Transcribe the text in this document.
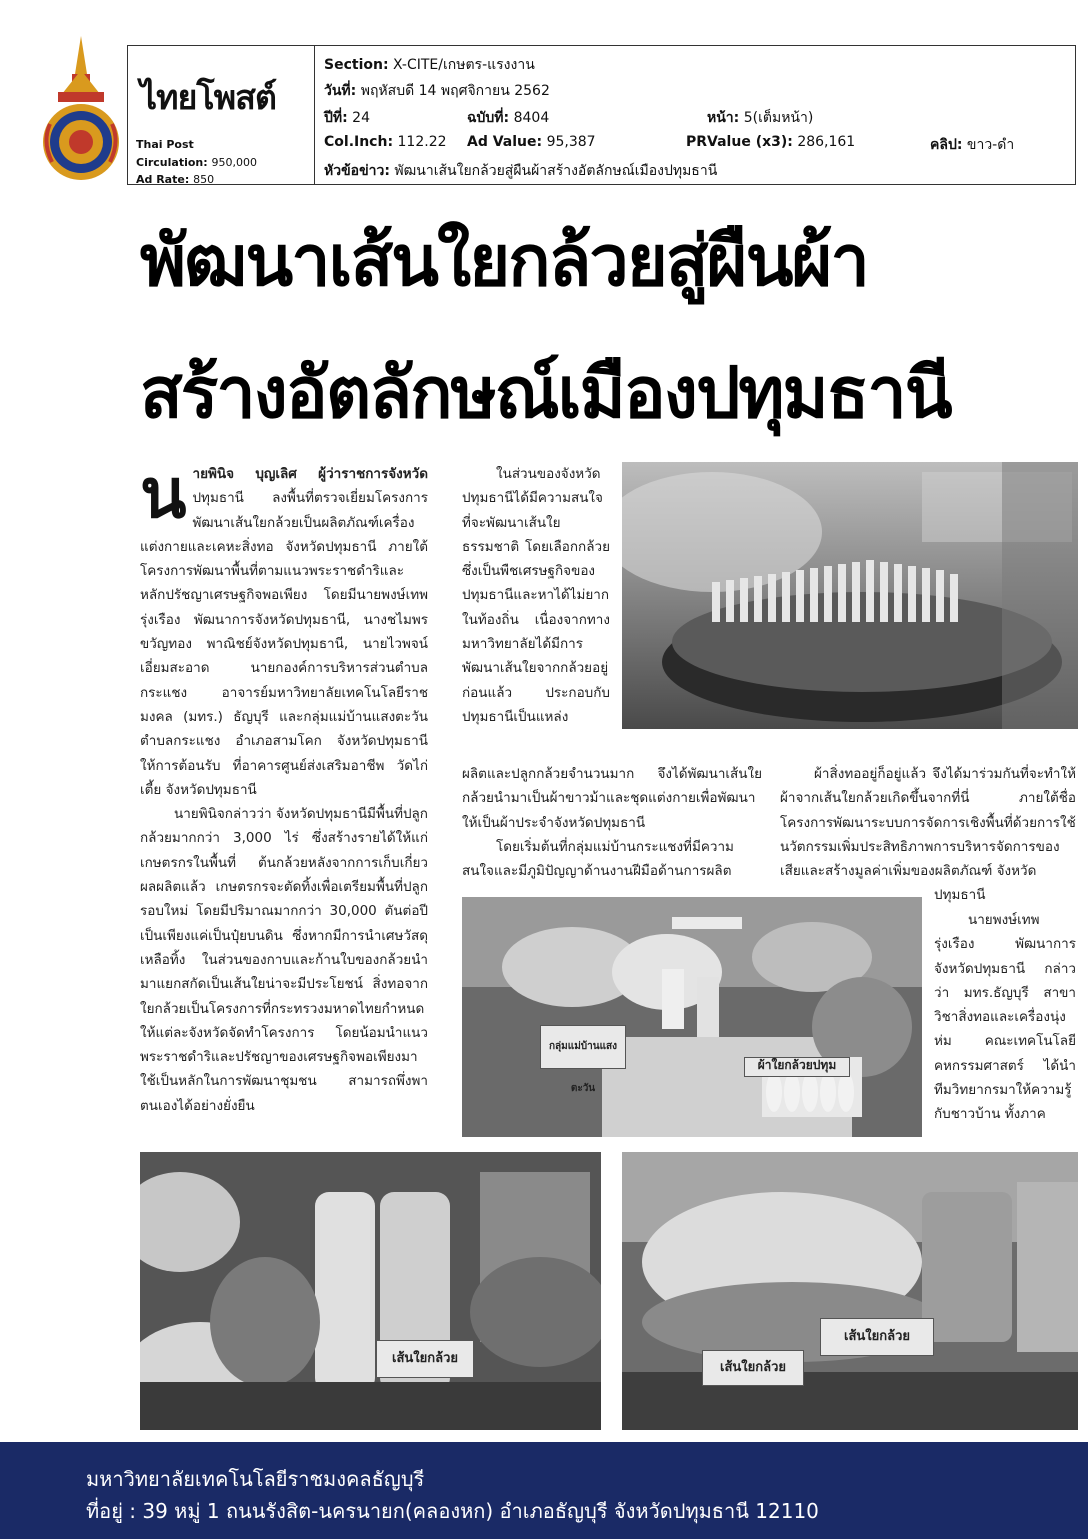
ไทยโพสต์
Thai Post
Circulation: 950,000
Ad Rate: 850
Section: X-CITE/เกษตร-แรงงาน
วันที่: พฤหัสบดี 14 พฤศจิกายน 2562
ปีที่: 24	ฉบับที่: 8404	หน้า: 5(เต็มหน้า)
Col.Inch: 112.22 Ad Value: 95,387	PRValue (x3): 286,161	คลิป: ขาว-ดำ
หัวข้อข่าว: พัฒนาเส้นใยกล้วยสู่ผืนผ้าสร้างอัตลักษณ์เมืองปทุมธานี
พัฒนาเส้นใยกล้วยสู่ผืนผ้า
สร้างอัตลักษณ์เมืองปทุมธานี

นายพินิจ บุญเลิศ ผู้ว่าราชการจังหวัด ปทุมธานี ลงพื้นที่ตรวจเยี่ยมโครงการพัฒนาเส้นใยกล้วยเป็นผลิตภัณฑ์เครื่องแต่งกายและเคหะสิ่งทอ จังหวัดปทุมธานี ภายใต้โครงการพัฒนาพื้นที่ตามแนวพระราชดำริและหลักปรัชญาเศรษฐกิจพอเพียง โดยมีนายพงษ์เทพ รุ่งเรือง พัฒนาการจังหวัดปทุมธานี, นางชไมพร ขวัญทอง พาณิชย์จังหวัดปทุมธานี, นายไวพจน์ เอี่ยมสะอาด นายกองค์การบริหารส่วนตำบลกระแชง อาจารย์มหาวิทยาลัยเทคโนโลยีราชมงคล (มทร.) ธัญบุรี และกลุ่มแม่บ้านแสงตะวัน ตำบลกระแชง อำเภอสามโคก จังหวัดปทุมธานี ให้การต้อนรับ ที่อาคารศูนย์ส่งเสริมอาชีพ วัดไก่เตี้ย จังหวัดปทุมธานี

นายพินิจกล่าวว่า จังหวัดปทุมธานีมีพื้นที่ปลูกกล้วยมากกว่า 3,000 ไร่ ซึ่งสร้างรายได้ให้แก่เกษตรกรในพื้นที่ ต้นกล้วยหลังจากการเก็บเกี่ยวผลผลิตแล้ว เกษตรกรจะตัดทิ้งเพื่อเตรียมพื้นที่ปลูกรอบใหม่ โดยมีปริมาณมากกว่า 30,000 ตันต่อปี เป็นเพียงแค่เป็นปุ๋ยบนดิน ซึ่งหากมีการนำเศษวัสดุเหลือทิ้ง ในส่วนของกาบและก้านใบของกล้วยนำมาแยกสกัดเป็นเส้นใยน่าจะมีประโยชน์ สิ่งทอจากใยกล้วยเป็นโครงการที่กระทรวงมหาดไทยกำหนดให้แต่ละจังหวัดจัดทำโครงการ โดยน้อมนำแนวพระราชดำริและปรัชญาของเศรษฐกิจพอเพียงมาใช้เป็นหลักในการพัฒนาชุมชน สามารถพึ่งพาตนเองได้อย่างยั่งยืน

ในส่วนของจังหวัดปทุมธานีได้มีความสนใจที่จะพัฒนาเส้นใยธรรมชาติ โดยเลือกกล้วยซึ่งเป็นพืชเศรษฐกิจของปทุมธานีและหาได้ไม่ยากในท้องถิ่น เนื่องจากทางมหาวิทยาลัยได้มีการพัฒนาเส้นใยจากกล้วยอยู่ก่อนแล้ว ประกอบกับปทุมธานีเป็นแหล่ง

ผลิตและปลูกกล้วยจำนวนมาก จึงได้พัฒนาเส้นใยกล้วยนำมาเป็นผ้าขาวม้าและชุดแต่งกายเพื่อพัฒนาให้เป็นผ้าประจำจังหวัดปทุมธานี

โดยเริ่มต้นที่กลุ่มแม่บ้านกระแชงที่มีความสนใจและมีภูมิปัญญาด้านงานฝีมือด้านการผลิต

ผ้าสิ่งทออยู่ก็อยู่แล้ว จึงได้มาร่วมกันที่จะทำให้ผ้าจากเส้นใยกล้วยเกิดขึ้นจากที่นี่ ภายใต้ชื่อโครงการพัฒนาระบบการจัดการเชิงพื้นที่ด้วยการใช้นวัตกรรมเพิ่มประสิทธิภาพการบริหารจัดการของเสียและสร้างมูลค่าเพิ่มของผลิตภัณฑ์ จังหวัด

ปทุมธานี

นายพงษ์เทพรุ่งเรือง พัฒนาการจังหวัดปทุมธานี กล่าวว่า มทร.ธัญบุรี สาขาวิชาสิ่งทอและเครื่องนุ่งห่ม คณะเทคโนโลยีคหกรรมศาสตร์ ได้นำทีมวิทยากรมาให้ความรู้กับชาวบ้าน ทั้งภาค

กลุ่มแม่บ้านแสงตะวัน
ผ้าใยกล้วยปทุม
เส้นใยกล้วย
เส้นใยกล้วย
เส้นใยกล้วย
มหาวิทยาลัยเทคโนโลยีราชมงคลธัญบุรี
ที่อยู่ : 39 หมู่ 1 ถนนรังสิต-นครนายก(คลองหก) อำเภอธัญบุรี จังหวัดปทุมธานี 12110
